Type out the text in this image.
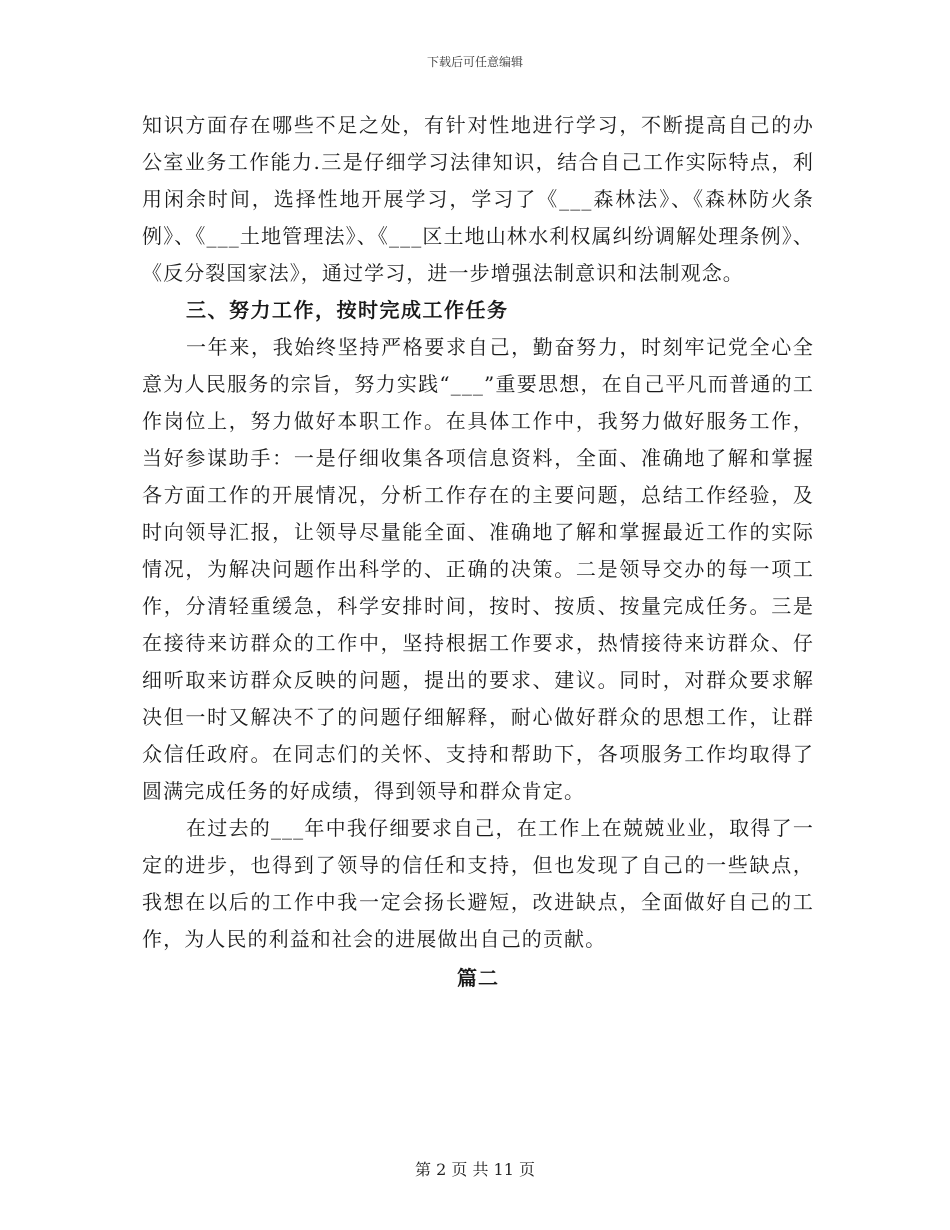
下载后可任意编辑

知识方面存在哪些不足之处，有针对性地进行学习，不断提高自己的办公室业务工作能力.三是仔细学习法律知识，结合自己工作实际特点，利用闲余时间，选择性地开展学习，学习了《___森林法》、《森林防火条例》、《___土地管理法》、《___区土地山林水利权属纠纷调解处理条例》、《反分裂国家法》，通过学习，进一步增强法制意识和法制观念。

三、努力工作，按时完成工作任务

一年来，我始终坚持严格要求自己，勤奋努力，时刻牢记党全心全意为人民服务的宗旨，努力实践“___”重要思想，在自己平凡而普通的工作岗位上，努力做好本职工作。在具体工作中，我努力做好服务工作，当好参谋助手：一是仔细收集各项信息资料，全面、准确地了解和掌握各方面工作的开展情况，分析工作存在的主要问题，总结工作经验，及时向领导汇报，让领导尽量能全面、准确地了解和掌握最近工作的实际情况，为解决问题作出科学的、正确的决策。二是领导交办的每一项工作，分清轻重缓急，科学安排时间，按时、按质、按量完成任务。三是在接待来访群众的工作中，坚持根据工作要求，热情接待来访群众、仔细听取来访群众反映的问题，提出的要求、建议。同时，对群众要求解决但一时又解决不了的问题仔细解释，耐心做好群众的思想工作，让群众信任政府。在同志们的关怀、支持和帮助下，各项服务工作均取得了圆满完成任务的好成绩，得到领导和群众肯定。

在过去的___年中我仔细要求自己，在工作上在兢兢业业，取得了一定的进步，也得到了领导的信任和支持，但也发现了自己的一些缺点，我想在以后的工作中我一定会扬长避短，改进缺点，全面做好自己的工作，为人民的利益和社会的进展做出自己的贡献。

篇二

第 2 页 共 11 页
